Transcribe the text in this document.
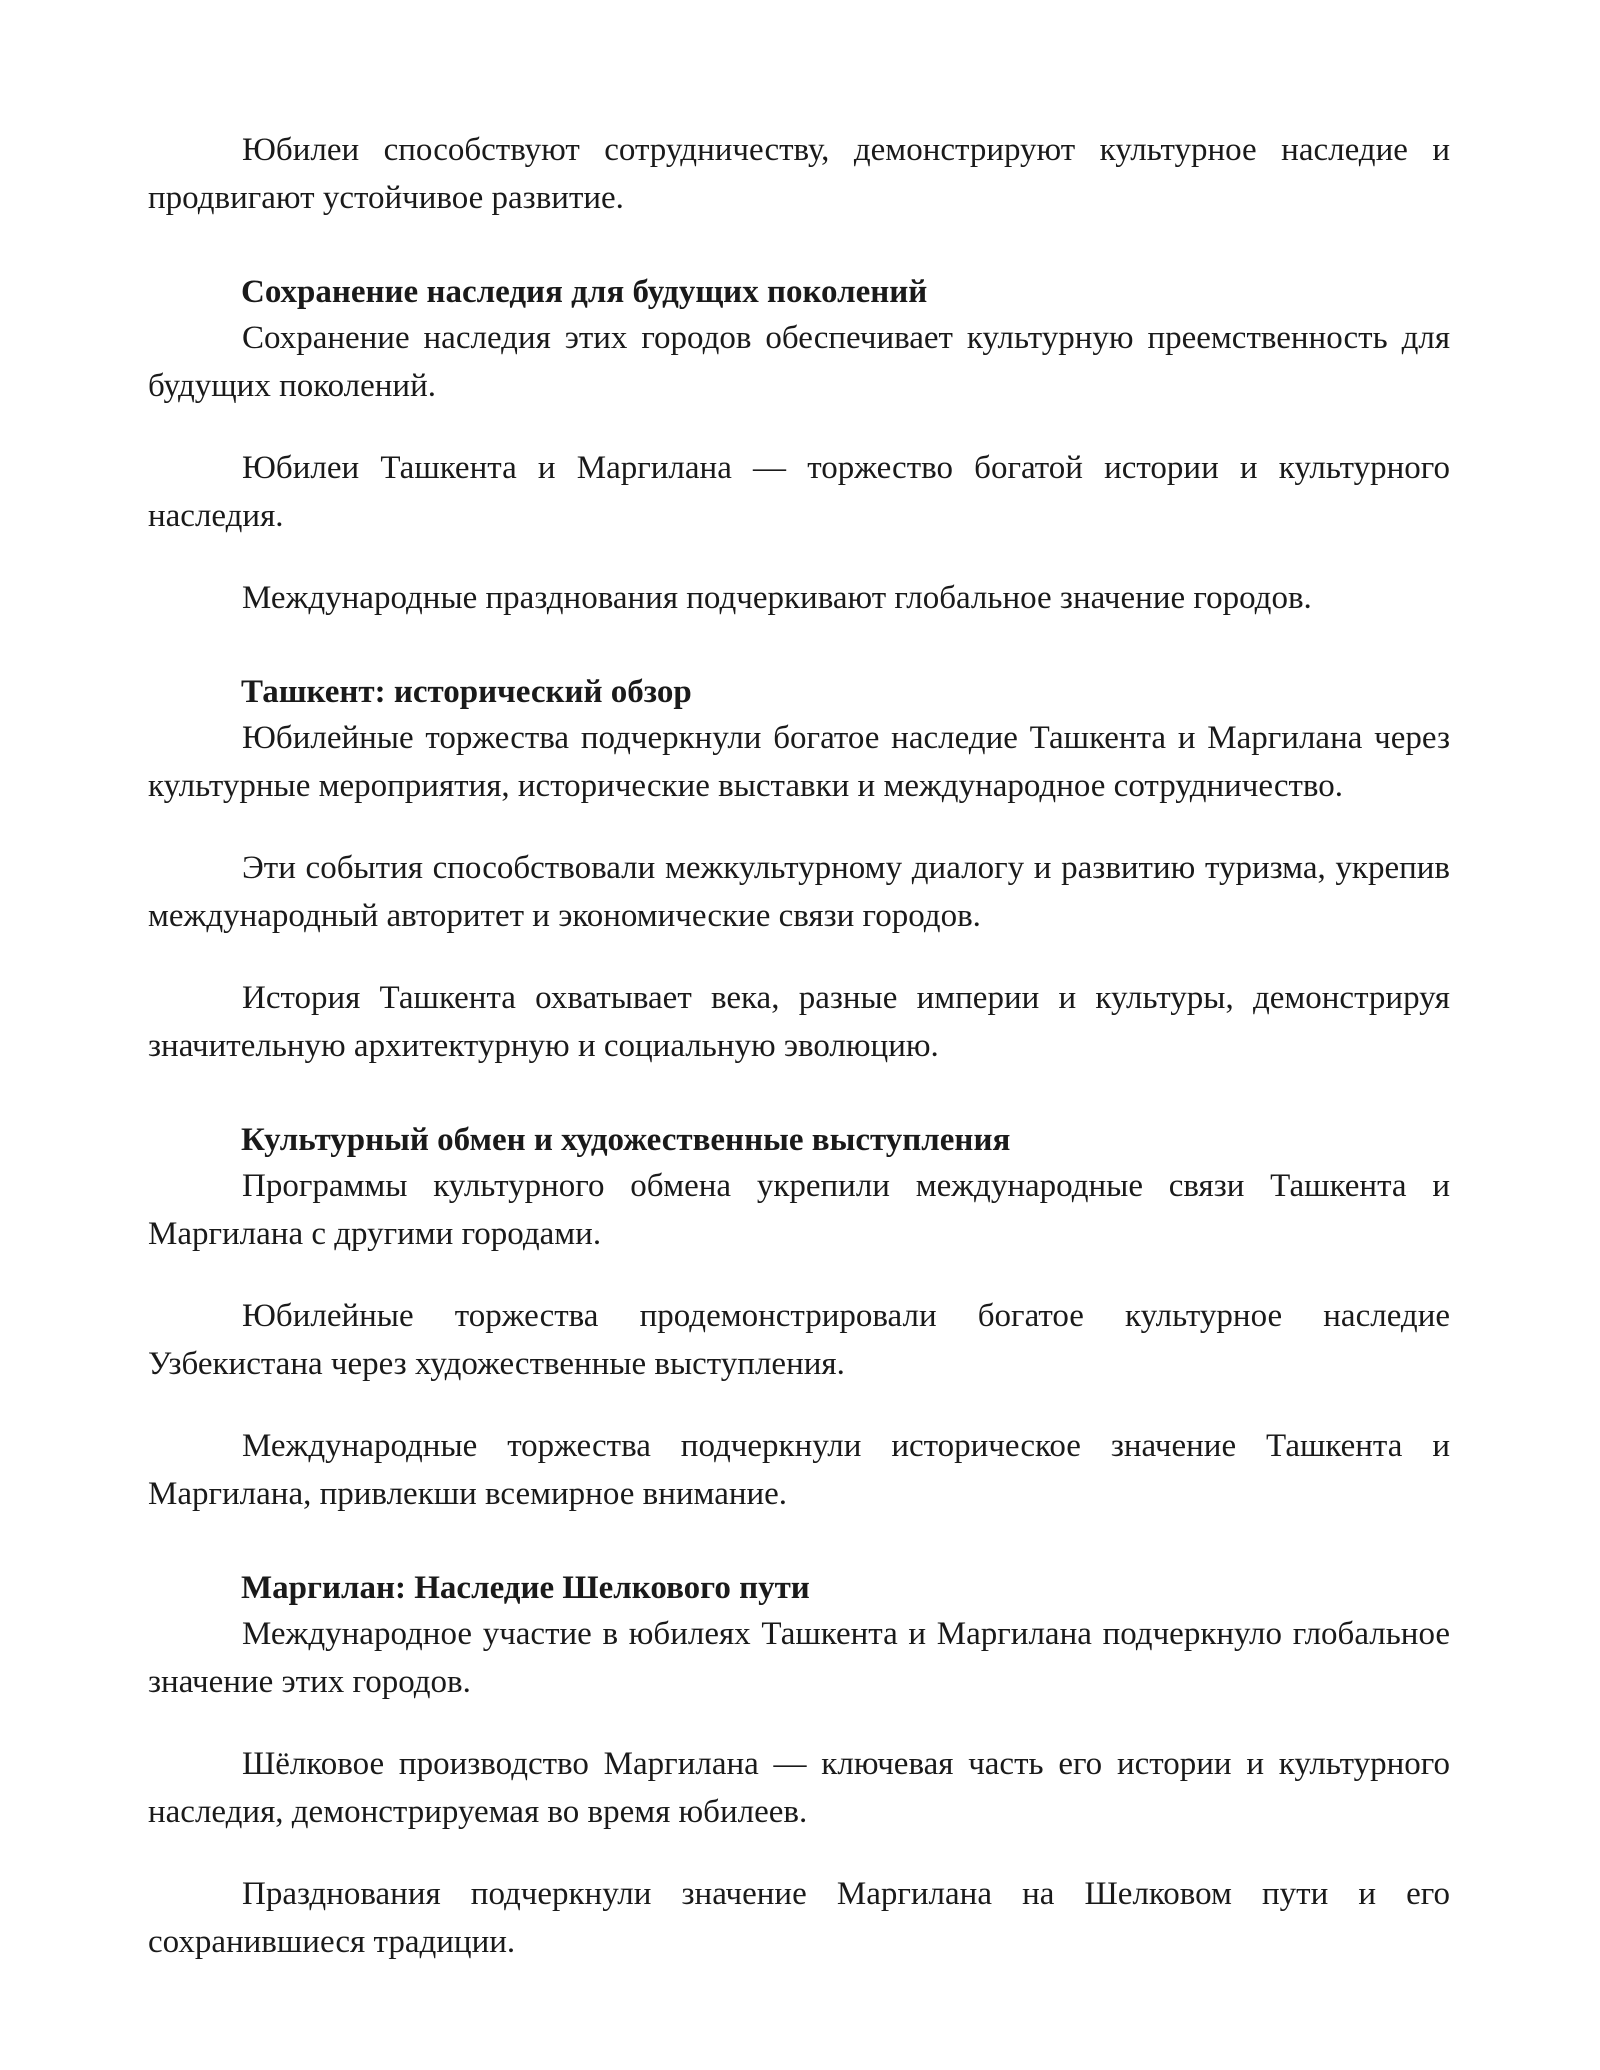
Юбилеи способствуют сотрудничеству, демонстрируют культурное наследие и продвигают устойчивое развитие.

Сохранение наследия для будущих поколений

Сохранение наследия этих городов обеспечивает культурную преемственность для будущих поколений.

Юбилеи Ташкента и Маргилана — торжество богатой истории и культурного наследия.

Международные празднования подчеркивают глобальное значение городов.

Ташкент: исторический обзор

Юбилейные торжества подчеркнули богатое наследие Ташкента и Маргилана через культурные мероприятия, исторические выставки и международное сотрудничество.

Эти события способствовали межкультурному диалогу и развитию туризма, укрепив международный авторитет и экономические связи городов.

История Ташкента охватывает века, разные империи и культуры, демонстрируя значительную архитектурную и социальную эволюцию.

Культурный обмен и художественные выступления

Программы культурного обмена укрепили международные связи Ташкента и Маргилана с другими городами.

Юбилейные торжества продемонстрировали богатое культурное наследие Узбекистана через художественные выступления.

Международные торжества подчеркнули историческое значение Ташкента и Маргилана, привлекши всемирное внимание.

Маргилан: Наследие Шелкового пути

Международное участие в юбилеях Ташкента и Маргилана подчеркнуло глобальное значение этих городов.

Шёлковое производство Маргилана — ключевая часть его истории и культурного наследия, демонстрируемая во время юбилеев.

Празднования подчеркнули значение Маргилана на Шелковом пути и его сохранившиеся традиции.
